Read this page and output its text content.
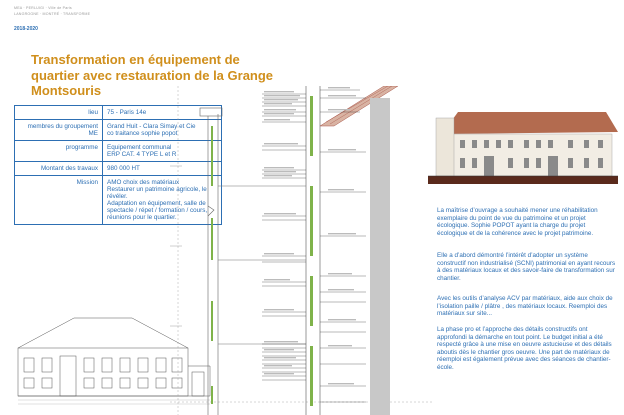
MEA · PERLUIGI · Ville de Paris
LANGROGNE · MONTRÉ · TRANSFORME
2018-2020
Transformation en équipement de quartier avec restauration de la Grange Montsouris
lieu	75 - Paris 14e
membres du groupement ME	Grand Huit - Clara Simay et Cie
co traitance sophie popot
programme	Equipement communal
ERP CAT. 4 TYPE L et R
Montant des travaux	980 000 HT
Mission	AMO choix des matériaux
Restaurer un patrimoine agricole, le révéler.
Adaptation en équipement, salle de spectacle / répet / formation / cours, réunions pour le quartier.

La maîtrise d’ouvrage a souhaité mener une réhabilitation exemplaire du point de vue du patrimoine et un projet écologique. Sophie POPOT ayant la charge du projet écologique et de la cohérence avec le projet patrimoine.

Elle a d’abord démontré l’intérêt d’adopter un système constructif non industrialisé (SCNI) patrimonial en ayant recours à des matériaux locaux et des savoir-faire de transformation sur chantier.

Avec les outils d’analyse ACV par matériaux, aide aux choix de l’isolation paille / plâtre , des matériaux locaux. Reemploi des matériaux sur site...

La phase pro et l’approche des détails constructifs ont approfondi la démarche en tout point. Le budget initial a été respecté grâce à une mise en oeuvre astucieuse et des détails aboutis dès le chantier gros oeuvre. Une part de matériaux de réemploi est également prévue avec des séances de chantier-école.
